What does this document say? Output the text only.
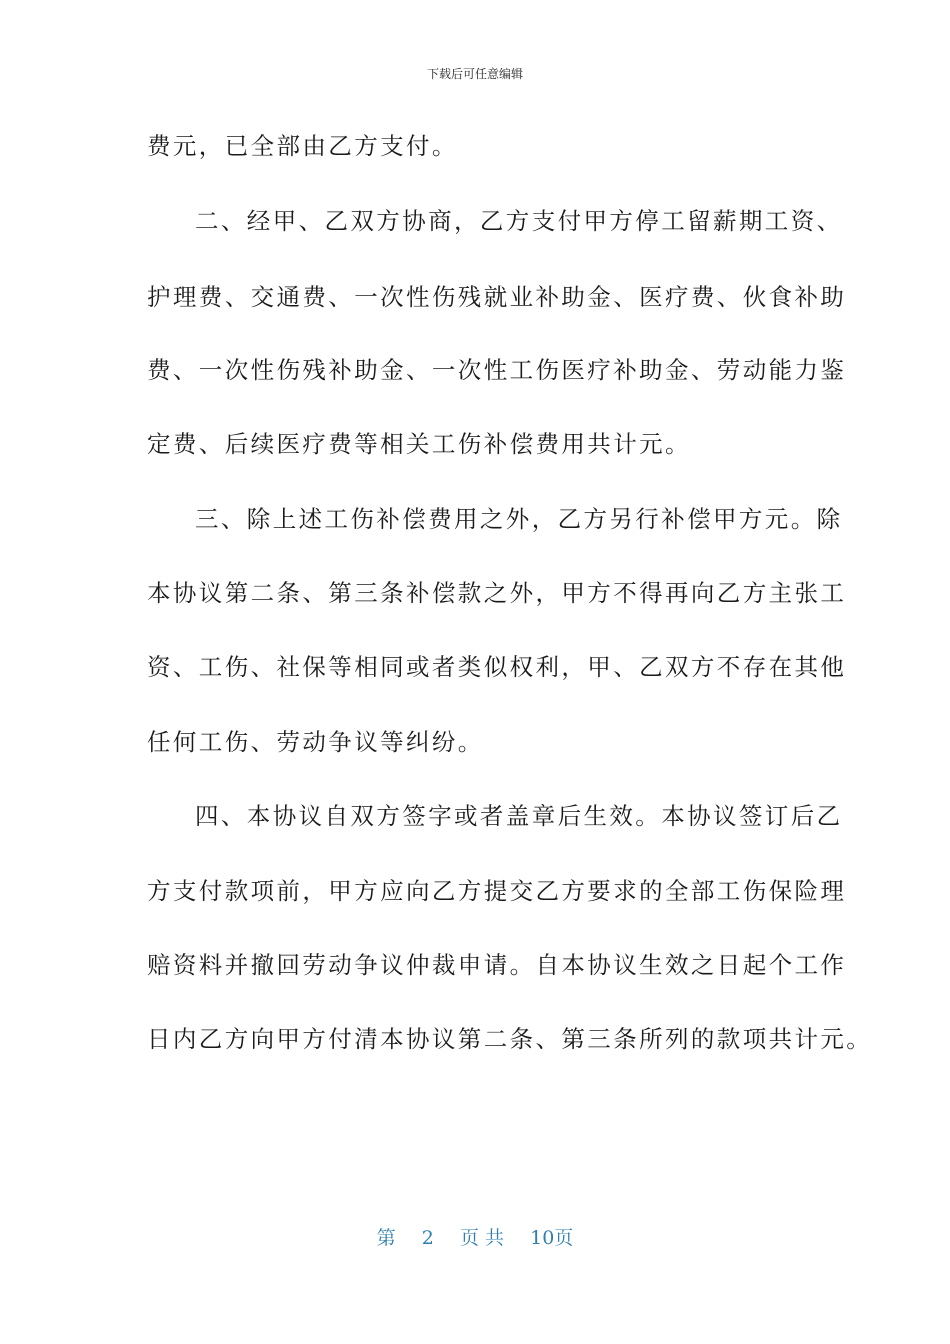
下载后可任意编辑
费元，已全部由乙方支付。
二、经甲、乙双方协商，乙方支付甲方停工留薪期工资、
护理费、交通费、一次性伤残就业补助金、医疗费、伙食补助
费、一次性伤残补助金、一次性工伤医疗补助金、劳动能力鉴
定费、后续医疗费等相关工伤补偿费用共计元。
三、除上述工伤补偿费用之外，乙方另行补偿甲方元。除
本协议第二条、第三条补偿款之外，甲方不得再向乙方主张工
资、工伤、社保等相同或者类似权利，甲、乙双方不存在其他
任何工伤、劳动争议等纠纷。
四、本协议自双方签字或者盖章后生效。本协议签订后乙
方支付款项前，甲方应向乙方提交乙方要求的全部工伤保险理
赔资料并撤回劳动争议仲裁申请。自本协议生效之日起个工作
日内乙方向甲方付清本协议第二条、第三条所列的款项共计元。
第 2 页 共 10页
